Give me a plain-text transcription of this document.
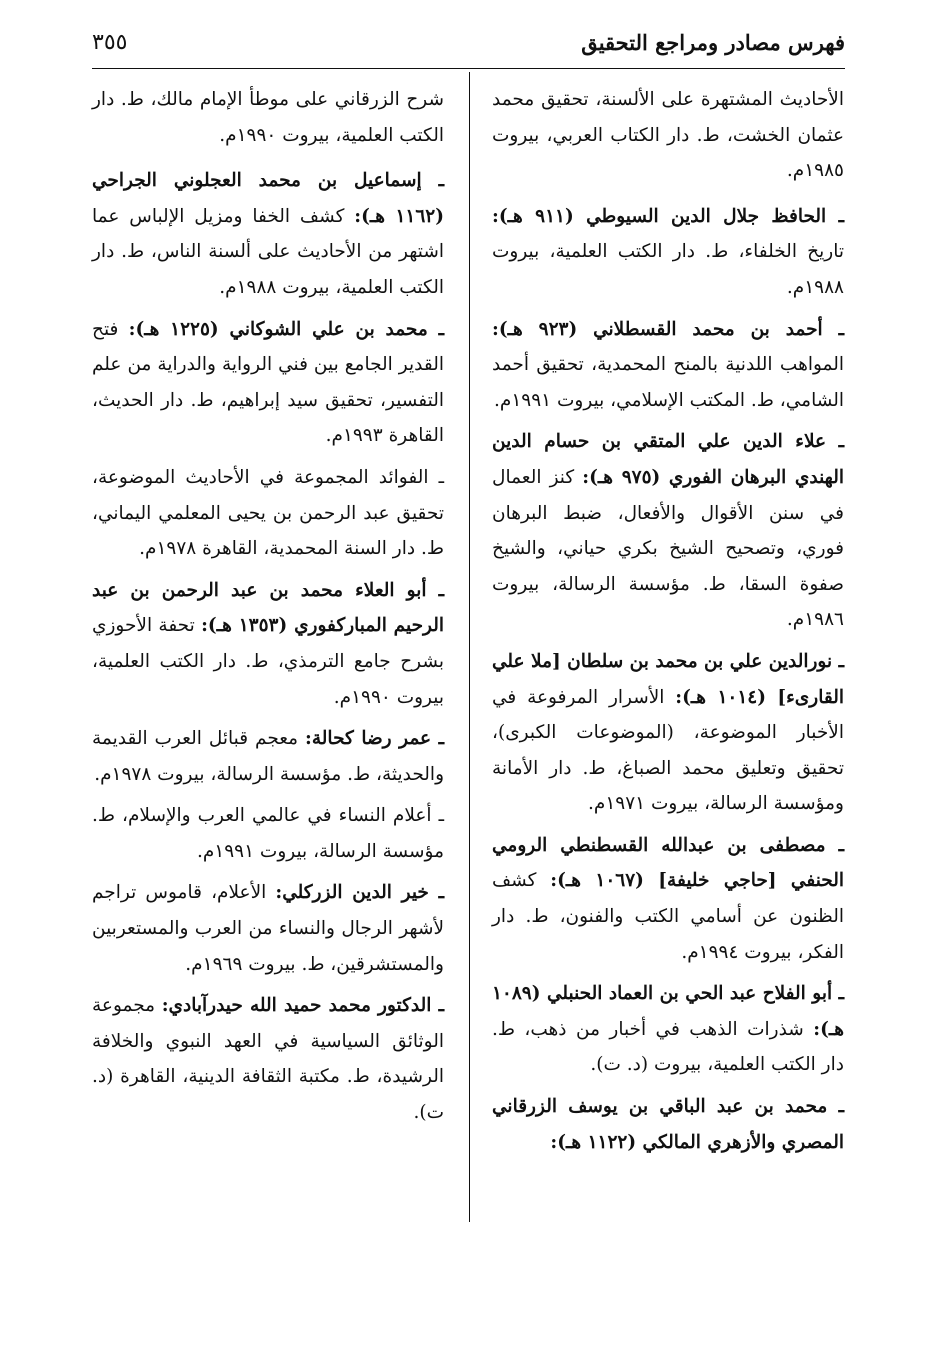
فهرس مصادر ومراجع التحقيق
٣٥٥

الأحاديث المشتهرة على الألسنة، تحقيق محمد عثمان الخشت، ط. دار الكتاب العربي، بيروت ١٩٨٥م.

ـ الحافظ جلال الدين السيوطي (٩١١ هـ): تاريخ الخلفاء، ط. دار الكتب العلمية، بيروت ١٩٨٨م.

ـ أحمد بن محمد القسطلاني (٩٢٣ هـ): المواهب اللدنية بالمنح المحمدية، تحقيق أحمد الشامي، ط. المكتب الإسلامي، بيروت ١٩٩١م.

ـ علاء الدين علي المتقي بن حسام الدين الهندي البرهان الفوري (٩٧٥ هـ): كنز العمال في سنن الأقوال والأفعال، ضبط البرهان فوري، وتصحيح الشيخ بكري حياني، والشيخ صفوة السقا، ط. مؤسسة الرسالة، بيروت ١٩٨٦م.

ـ نورالدين علي بن محمد بن سلطان [ملا علي القارىء] (١٠١٤ هـ): الأسرار المرفوعة في الأخبار الموضوعة، (الموضوعات الكبرى)، تحقيق وتعليق محمد الصباغ، ط. دار الأمانة ومؤسسة الرسالة، بيروت ١٩٧١م.

ـ مصطفى بن عبدالله القسطنطي الرومي الحنفي [حاجي خليفة] (١٠٦٧ هـ): كشف الظنون عن أسامي الكتب والفنون، ط. دار الفكر، بيروت ١٩٩٤م.

ـ أبو الفلاح عبد الحي بن العماد الحنبلي (١٠٨٩ هـ): شذرات الذهب في أخبار من ذهب، ط. دار الكتب العلمية، بيروت (د. ت).

ـ محمد بن عبد الباقي بن يوسف الزرقاني المصري والأزهري المالكي (١١٢٢ هـ):

شرح الزرقاني على موطأ الإمام مالك، ط. دار الكتب العلمية، بيروت ١٩٩٠م.

ـ إسماعيل بن محمد العجلوني الجراحي (١١٦٢ هـ): كشف الخفا ومزيل الإلباس عما اشتهر من الأحاديث على ألسنة الناس، ط. دار الكتب العلمية، بيروت ١٩٨٨م.

ـ محمد بن علي الشوكاني (١٢٢٥ هـ): فتح القدير الجامع بين فني الرواية والدراية من علم التفسير، تحقيق سيد إبراهيم، ط. دار الحديث، القاهرة ١٩٩٣م.

ـ الفوائد المجموعة في الأحاديث الموضوعة، تحقيق عبد الرحمن بن يحيى المعلمي اليماني، ط. دار السنة المحمدية، القاهرة ١٩٧٨م.

ـ أبو العلاء محمد بن عبد الرحمن بن عبد الرحيم المباركفوري (١٣٥٣ هـ): تحفة الأحوزي بشرح جامع الترمذي، ط. دار الكتب العلمية، بيروت ١٩٩٠م.

ـ عمر رضا كحالة: معجم قبائل العرب القديمة والحديثة، ط. مؤسسة الرسالة، بيروت ١٩٧٨م.

ـ أعلام النساء في عالمي العرب والإسلام، ط. مؤسسة الرسالة، بيروت ١٩٩١م.

ـ خير الدين الزركلي: الأعلام، قاموس تراجم لأشهر الرجال والنساء من العرب والمستعربين والمستشرقين، ط. بيروت ١٩٦٩م.

ـ الدكتور محمد حميد الله حيدرآبادي: مجموعة الوثائق السياسية في العهد النبوي والخلافة الرشيدة، ط. مكتبة الثقافة الدينية، القاهرة (د. ت).
